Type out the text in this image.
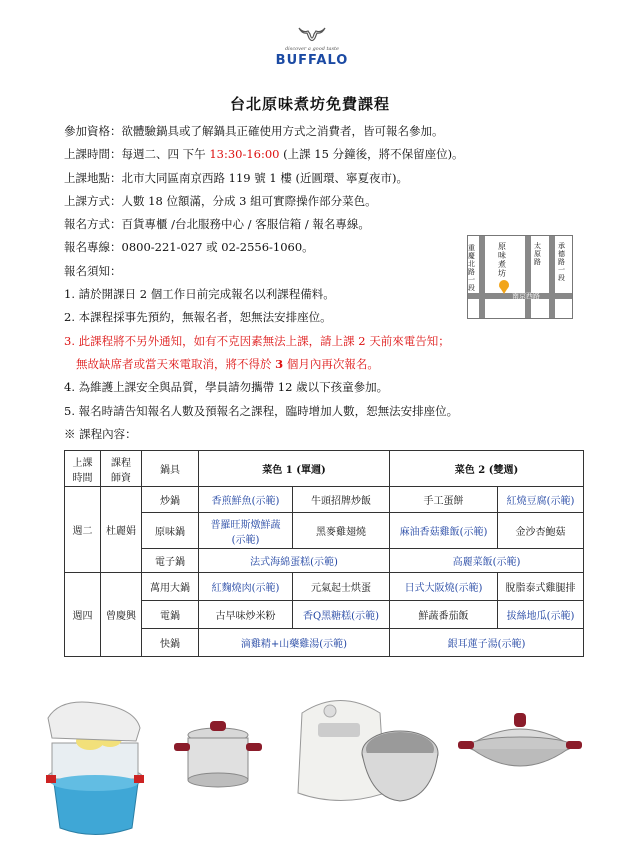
discover a good taste
BUFFALO
台北原味煮坊免費課程
參加資格：欲體驗鍋具或了解鍋具正確使用方式之消費者，皆可報名參加。
上課時間：每週二、四 下午 13:30-16:00 (上課 15 分鐘後，將不保留座位)。
上課地點：北市大同區南京西路 119 號 1 樓 (近圓環、寧夏夜市)。
上課方式：人數 18 位額滿，分成 3 組可實際操作部分菜色。
報名方式：百貨專櫃 /台北服務中心 / 客服信箱 / 報名專線。
報名專線：0800-221-027 或 02-2556-1060。
報名須知：
1. 請於開課日 2 個工作日前完成報名以利課程備料。
2. 本課程採事先預約，無報名者，恕無法安排座位。
3. 此課程將不另外通知，如有不克因素無法上課，請上課 2 天前來電告知；
無故缺席者或當天來電取消，將不得於 3 個月內再次報名。
4. 為維護上課安全與品質，學員請勿攜帶 12 歲以下孩童參加。
5. 報名時請告知報名人數及預報名之課程，臨時增加人數，恕無法安排座位。
※ 課程內容：
重慶北路一段
原味煮坊
太原路
承德路一段
南京西路
上課時間	課程師資	鍋具	菜色 1 (單週)		菜色 2 (雙週)	
週二	杜麗娟	炒鍋	香煎鮮魚(示範)	牛頭招牌炒飯	手工蛋餅	紅燒豆腐(示範)
		原味鍋	普羅旺斯燉鮮蔬(示範)	黑麥雞翅燒	麻油香菇雞飯(示範)	金沙杏鮑菇
		電子鍋	法式海綿蛋糕(示範)		高麗菜飯(示範)	
週四	曾慶興	萬用大鍋	紅麴燒肉(示範)	元氣起士烘蛋	日式大阪燒(示範)	脫脂泰式雞腿排
		電鍋	古早味炒米粉	香Q黑糖糕(示範)	鮮蔬番茄飯	拔絲地瓜(示範)
		快鍋	滴雞精+山藥雞湯(示範)		銀耳蓮子湯(示範)	
